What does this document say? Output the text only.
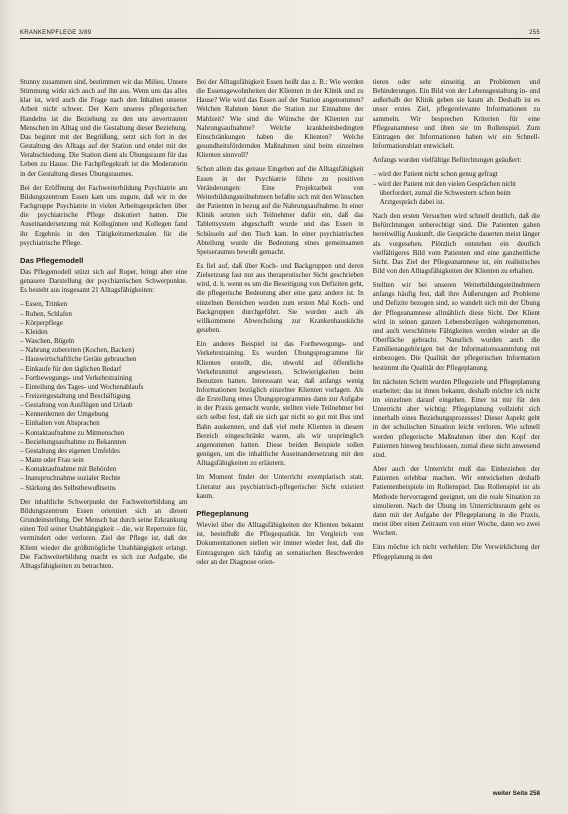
KRANKENPFLEGE 3/89	255

Stunny zusammen sind, bestimmen wir das Milieu. Unsere Stimmung wirkt sich auch auf ihn aus. Wenn uns das alles klar ist, wird auch die Frage nach den Inhalten unserer Arbeit nicht schwer. Der Kern unseres pflegerischen Handelns ist die Beziehung zu den uns anvertrauten Menschen im Alltag und die Gestaltung dieser Beziehung. Das beginnt mit der Begrüßung, setzt sich fort in der Gestaltung des Alltags auf der Station und endet mit der Verabschiedung. Die Station dient als Übungsraum für das Leben zu Hause. Die Fachpflegekraft ist die Moderatorin in der Gestaltung dieses Übungsraumes.

Bei der Eröffnung der Fachweiterbildung Psychiatrie am Bildungszentrum Essen kam uns zugute, daß wir in der Fachgruppe Psychiatrie in vielen Arbeitsgesprächen über die psychiatrische Pflege diskutiert hatten. Die Auseinandersetzung mit Kolleginnen und Kollegen fand ihr Ergebnis in den Tätigkeitsmerkmalen für die psychiatrische Pflege.

Das Pflegemodell

Das Pflegemodell stützt sich auf Roper, bringt aber eine genauere Darstellung der psychiatrischen Schwerpunkte. Es besteht aus insgesamt 21 Alltagsfähigkeiten:

– Essen, Trinken
– Ruhen, Schlafen
– Körperpflege
– Kleiden
– Waschen, Bügeln
– Nahrung zubereiten (Kochen, Backen)
– Hauswirtschaftliche Geräte gebrauchen
– Einkaufe für den täglichen Bedarf
– Fortbewegungs- und Verkehrstraining
– Einteilung des Tages- und Wochenablaufs
– Freizeitgestaltung und Beschäftigung
– Gestaltung von Ausflügen und Urlaub
– Kennenlernen der Umgebung
– Einhalten von Absprachen
– Kontaktaufnahme zu Mitmenschen
– Beziehungsaufnahme zu Bekannten
– Gestaltung des eigenen Umfeldes
– Mann oder Frau sein
– Kontaktaufnahme mit Behörden
– Inanspruchnahme sozialer Rechte
– Stärkung des Selbstbewußtseins

Der inhaltliche Schwerpunkt der Fachweiterbildung am Bildungszentrum Essen orientiert sich an diesen Grundeinstellung. Der Mensch hat durch seine Erkrankung einen Teil seiner Unabhängigkeit – die, wir Repertoire für, vermindert oder verloren. Ziel der Pflege ist, daß der Klient wieder die größtmögliche Unabhängigkeit erlangt. Die Fachweiterbildung macht es sich zur Aufgabe, die Alltagsfähigkeiten zu betrachten.

Bei der Alltagsfähigkeit Essen heißt das z. B.: Wie werden die Essensgewohnheiten der Klienten in der Klinik und zu Hause? Wie wird das Essen auf der Station angenommen? Welchen Rahmen bietet die Station zur Einnahme der Mahlzeit? Wie sind die Wünsche der Klienten zur Nahrungsaufnahme? Welche krankheitsbedingten Einschränkungen haben die Klienten? Welche gesundheitsfördernden Maßnahmen sind beim einzelnen Klienten sinnvoll?

Schon allein das genaue Eingehen auf die Alltagsfähigkeit Essen in der Psychiatrie führte zu positiven Veränderungen: Eine Projektarbeit von Weiterbildungsteilnehmern befaßte sich mit den Wünschen der Patienten in bezug auf die Nahrungsaufnahme. In einer Klinik setzten sich Teilnehmer dafür ein, daß das Tablettsystem abgeschafft wurde und das Essen in Schüsseln auf den Tisch kam. In einer psychiatrischen Abteilung wurde die Bedeutung eines gemeinsamen Speiseraumes bewußt gemacht.

Es fiel auf, daß über Koch- und Backgruppen und deren Zielsetzung fast nur aus therapeutischer Sicht geschrieben wird, d. h. wenn es um die Beseitigung von Defiziten geht, die pflegerische Bedeutung aber eine ganz andere ist. In einzelnen Bereichen wurden zum ersten Mal Koch- und Backgruppen durchgeführt. Sie wurden auch als willkommene Abwechslung zur Krankenhausküche gesehen.

Ein anderes Beispiel ist das Fortbewegungs- und Verkehrstraining. Es wurden Übungsprogramme für Klienten erstellt, die, obwohl auf öffentliche Verkehrsmittel angewiesen, Schwierigkeiten beim Benutzen hatten. Interessant war, daß anfangs wenig Informationen bezüglich einzelner Klienten vorlagen. Als die Erstellung eines Übungsprogrammes dann zur Aufgabe in der Praxis gemacht wurde, stellten viele Teilnehmer bei sich selbst fest, daß sie sich gar nicht so gut mit Bus und Bahn auskennen, und daß viel mehr Klienten in diesem Bereich eingeschränkt waren, als wir ursprünglich angenommen hatten. Diese beiden Beispiele sollen genügen, um die inhaltliche Auseinandersetzung mit den Alltagsfähigkeiten zu erläutern.

Im Moment findet der Unterricht exemplarisch statt. Literatur aus psychiatrisch-pflegerischer Sicht existiert kaum.

Pflegeplanung

Wieviel über die Alltagsfähigkeiten der Klienten bekannt ist, beeinflußt die Pflegequalität. Im Vergleich von Dokumentationen stellen wir immer wieder fest, daß die Eintragungen sich häufig an somatischen Beschwerden oder an der Diagnose orien-

tieren oder sehr einseitig an Problemen und Behinderungen. Ein Bild von der Lebensgestaltung in- und außerhalb der Klinik geben sie kaum ab. Deshalb ist es unser erstes Ziel, pflegerelevante Informationen zu sammeln. Wir besprechen Kriterien für eine Pflegeanamnese und üben sie im Rollenspiel. Zum Eintragen der Informationen haben wir ein Schnell-Informationsblatt entwickelt.

Anfangs wurden vielfältige Befürchtungen geäußert:

– wird der Patient nicht schon genug gefragt
– wird der Patient mit den vielen Gesprächen nicht überfordert, zumal die Schwestern schon beim Arztgespräch dabei ist.

Nach den ersten Versuchen wird schnell deutlich, daß die Befürchtungen unberechtigt sind. Die Patienten gaben bereitwillig Auskunft, die Gespräche dauerten meist länger als vorgesehen. Plötzlich entstehen ein deutlich vielfältigeres Bild vom Patienten und eine ganzheitliche Sicht. Das Ziel der Pflegeanamnese ist, ein realistisches Bild von den Alltagsfähigkeiten der Klienten zu erhalten.

Stellten wir bei unseren Weiterbildungsteilnehmern anfangs häufig fest, daß ihre Äußerungen auf Probleme und Defizite bezogen sind, so wandelt sich mit der Übung der Pflegeanamnese allmählich diese Sicht. Der Klient wird in seinen ganzen Lebensbezügen wahrgenommen, und auch verschüttete Fähigkeiten werden wieder an die Oberfläche gebracht. Naturlich wurden auch die Familienangehörigen bei der Informationssammlung mit einbezogen. Die Qualität der pflegerischen Information bestimmt die Qualität der Pflegeplanung.

Im nächsten Schritt wurden Pflegeziele und Pflegeplanung erarbeitet; das ist ihnen bekannt, deshalb möchte ich nicht im einzelnen darauf eingehen. Einer ist mir für den Unterricht aber wichtig: Pflegeplanung vollzieht sich innerhalb eines Beziehungsprozesses! Dieser Aspekt geht in der schulischen Situation leicht verloren. Wie schnell werden pflegerische Maßnahmen über den Kopf der Patienten hinweg beschlossen, zumal diese nicht anwesend sind.

Aber auch der Unterricht muß das Einbeziehen der Patienten erlebbar machen. Wir entwickelten deshalb Patientenbeispiele im Rollenspiel. Das Rollenspiel ist als Methode hervorragend geeignet, um die reale Situation zu simulieren. Nach der Übung im Unterrichtsraum geht es dann mit der Aufgabe der Pflegeplanung in die Praxis, meist über einen Zeitraum von einer Woche, dann wo zwei Wochen.

Eins möchte ich nicht verhehlen: Die Verwirklichung der Pflegeplanung in den

weiter Seite 258
